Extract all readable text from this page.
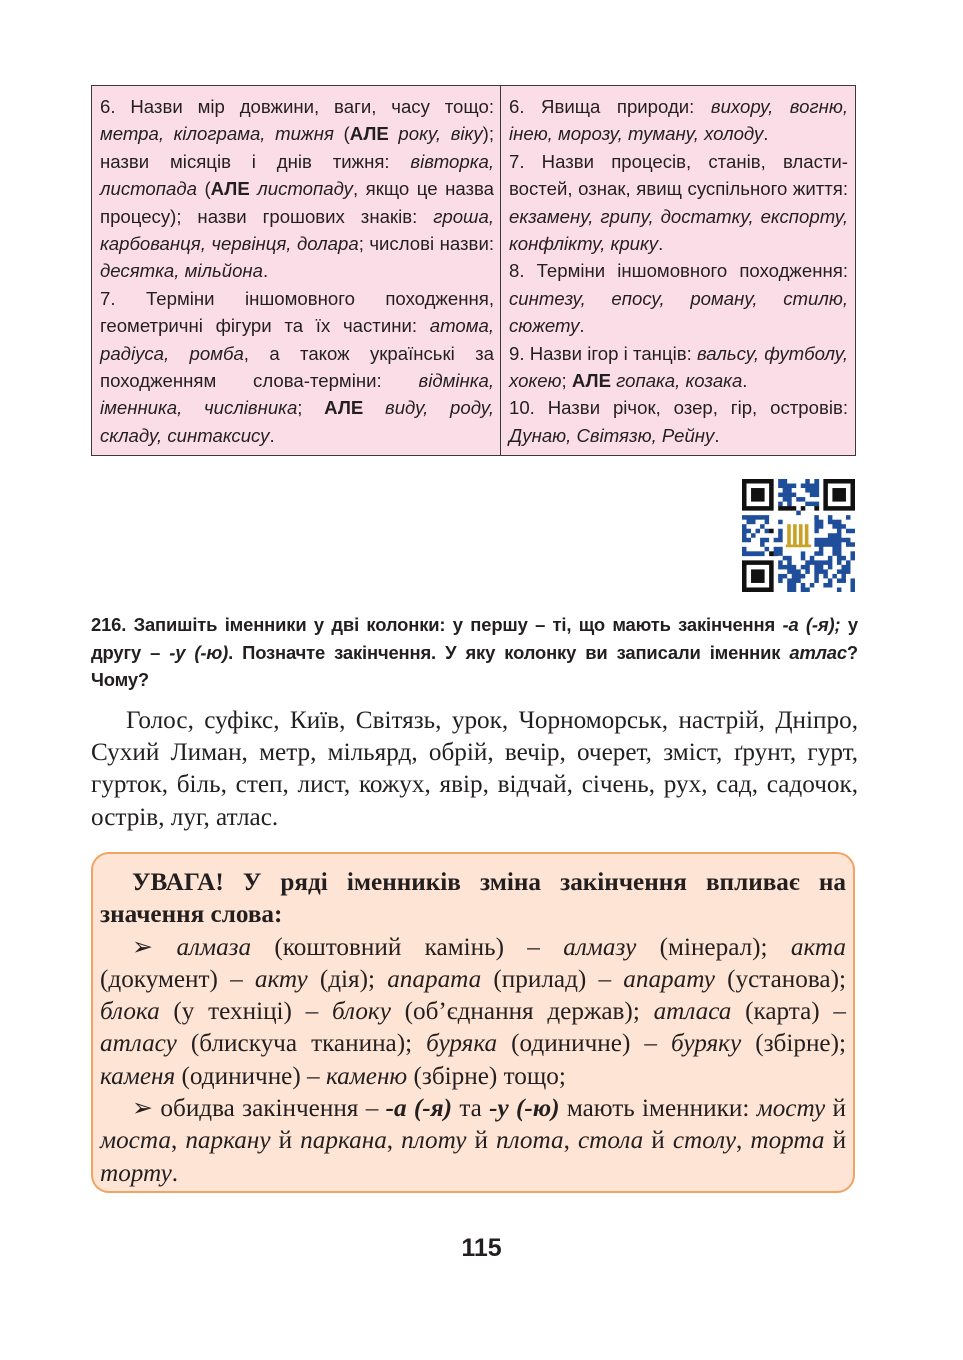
6. Назви мір довжини, ваги, часу тощо: метра, кілограма, тижня (АЛЕ року, віку); назви місяців і днів тижня: вівторка, листопада (АЛЕ листопаду, якщо це назва процесу); назви грошових знаків: гроша, карбованця, червінця, долара; числові назви: десятка, мільйона.
7. Терміни іншомовного походження, геометричні фігури та їх частини: атома, радіуса, ромба, а також українські за походженням слова-терміни: відмінка, іменника, числівника; АЛЕ виду, роду, складу, синтаксису.	6. Явища природи: вихору, вогню, інею, морозу, туману, холоду.
7. Назви процесів, станів, властивостей, ознак, явищ суспільного життя: екзамену, грипу, достатку, експорту, конфлікту, крику.
8. Терміни іншомовного походження: синтезу, епосу, роману, стилю, сюжету.
9. Назви ігор і танців: вальсу, футболу, хокею; АЛЕ гопака, козака.
10. Назви річок, озер, гір, островів: Дунаю, Світязю, Рейну.
216. Запишіть іменники у дві колонки: у першу – ті, що мають закінчення -а (-я); у другу – -у (-ю). Позначте закінчення. У яку колонку ви записали іменник атлас? Чому?
Голос, суфікс, Київ, Світязь, урок, Чорноморськ, настрій, Дніпро, Сухий Лиман, метр, мільярд, обрій, вечір, очерет, зміст, ґрунт, гурт, гурток, біль, степ, лист, кожух, явір, відчай, січень, рух, сад, садочок, острів, луг, атлас.

УВАГА! У ряді іменників зміна закінчення впливає на значення слова:

➢ алмаза (коштовний камінь) – алмазу (мінерал); акта (документ) – акту (дія); апарата (прилад) – апарату (установа); блока (у техніці) – блоку (об’єднання держав); атласа (карта) – атласу (блискуча тканина); буряка (одиничне) – буряку (збірне); каменя (одиничне) – каменю (збірне) тощо;

➢ обидва закінчення – -а (-я) та -у (-ю) мають іменники: мосту й моста, паркану й паркана, плоту й плота, стола й столу, торта й торту.

115
